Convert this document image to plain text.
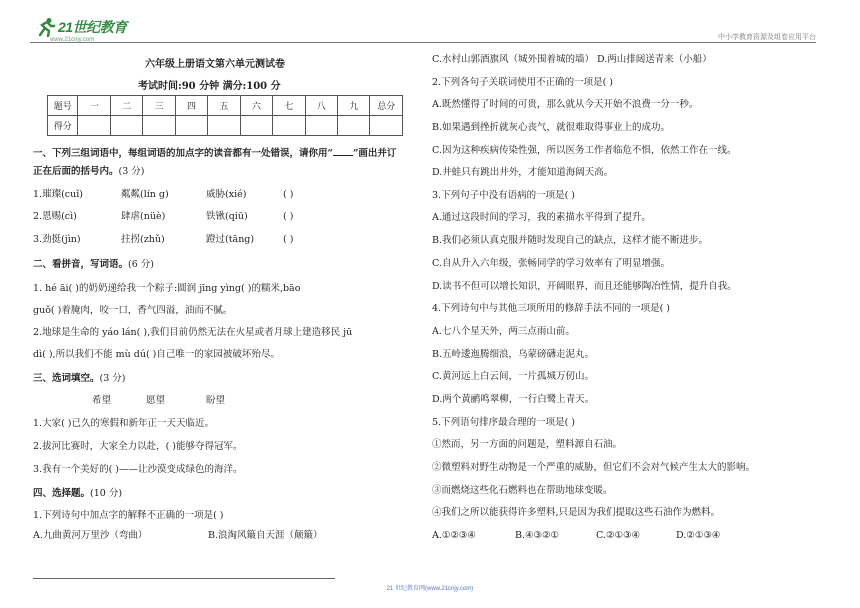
21世纪教育
www.21cnjy.com	中小学教育资源及组卷应用平台
六年级上册语文第六单元测试卷
考试时间:90 分钟 满分:100 分
题号	一	二	三	四	五	六	七	八	九	总分
得分										
一、下列三组词语中，每组词语的加点字的读音都有一处错误，请你用“ ”画出并订
正在后面的括号内。(3 分)
1.璀璨(cuǐ)	粼粼(lín g)	威胁(xié)	( )
2.恩赐(cì)	肆虐(nüè)	铁锹(qiū)	( )
3.劲挺(jìn)	拄拐(zhǔ)	蹬过(tāng)	( )
二、看拼音，写词语。(6 分)
1. hé āi( )的奶奶递给我一个粽子:圆润 jīng yìng( )的糯米,bāo
guǒ( )着腌肉，咬一口，香气四溢，油而不腻。
2.地球是生命的 yáo lán( ),我们目前仍然无法在火星或者月球上建造移民 jū
dì( ),所以我们不能 mù dú( )自己唯一的家园被破坏殆尽。
三、选词填空。(3 分)
希望	愿望	盼望
1.大家( )已久的寒假和新年正一天天临近。
2.拔河比赛时，大家全力以赴，( )能够夺得冠军。
3.我有一个美好的( )——让沙漠变成绿色的海洋。
四、选择题。(10 分)
1.下列诗句中加点字的解释不正确的一项是( )
A.九曲黄河万里沙（弯曲）	B.浪淘风簸自天涯（颠簸）
C.水村山郭酒旗风（城外围着城的墙） D.两山排闼送青来（小船）
2.下列各句子关联词使用不正确的一项是( )
A.既然懂得了时间的可贵，那么就从今天开始不浪费一分一秒。
B.如果遇到挫折就灰心丧气，就很难取得事业上的成功。
C.因为这种疾病传染性强，所以医务工作者临危不惧，依然工作在一线。
D.井蛙只有跳出井外，才能知道海阔天高。
3.下列句子中没有语病的一项是( )
A.通过这段时间的学习，我的素描水平得到了提升。
B.我们必须认真克服并随时发现自己的缺点，这样才能不断进步。
C.自从升入六年级，张畅同学的学习效率有了明显增强。
D.读书不但可以增长知识，开阔眼界，而且还能够陶冶性情，提升自我。
4.下列诗句中与其他三项所用的修辞手法不同的一项是( )
A.七八个星天外，两三点雨山前。
B.五岭逶迤腾细浪，乌蒙磅礴走泥丸。
C.黄河远上白云间，一片孤城万仞山。
D.两个黄鹂鸣翠柳，一行白鹭上青天。
5.下列语句排序最合理的一项是( )
①然而，另一方面的问题是，塑料源自石油。
②微塑料对野生动物是一个严重的威胁，但它们不会对气候产生太大的影响。
③而燃烧这些化石燃料也在帮助地球变暖。
④我们之所以能获得许多塑料,只是因为我们提取这些石油作为燃料。
A.①②③④	B.④③②①	C.②①③④	D.②①③④
21 世纪教育网(www.21cnjy.com)
